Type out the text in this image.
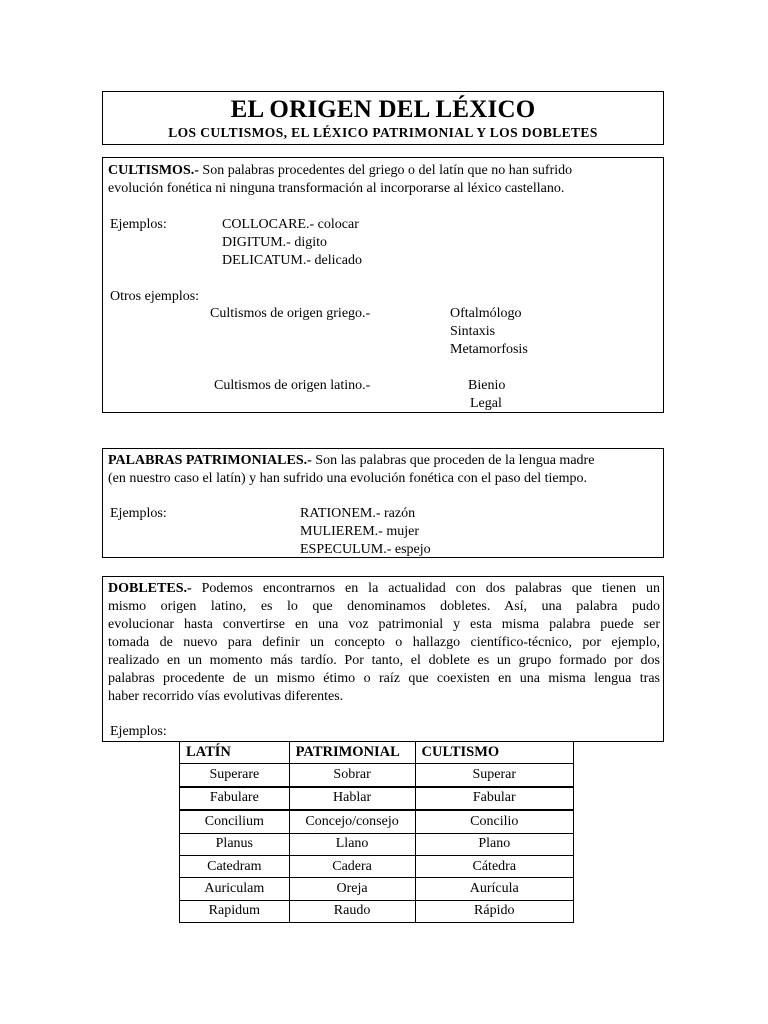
EL ORIGEN DEL LÉXICO
LOS CULTISMOS, EL LÉXICO PATRIMONIAL Y LOS DOBLETES
CULTISMOS.- Son palabras procedentes del griego o del latín que no han sufrido
evolución fonética ni ninguna transformación al incorporarse al léxico castellano.
Ejemplos:	COLLOCARE.- colocar
DIGITUM.- digito
DELICATUM.- delicado
Otros ejemplos:
Cultismos de origen griego.-	Oftalmólogo
Sintaxis
Metamorfosis
Cultismos de origen latino.-	Bienio
Legal
PALABRAS PATRIMONIALES.- Son las palabras que proceden de la lengua madre
(en nuestro caso el latín) y han sufrido una evolución fonética con el paso del tiempo.
Ejemplos:	RATIONEM.- razón
MULIEREM.- mujer
ESPECULUM.- espejo
DOBLETES.- Podemos encontrarnos en la actualidad con dos palabras que tienen un
mismo origen latino, es lo que denominamos dobletes. Así, una palabra pudo
evolucionar hasta convertirse en una voz patrimonial y esta misma palabra puede ser
tomada de nuevo para definir un concepto o hallazgo científico-técnico, por ejemplo,
realizado en un momento más tardío. Por tanto, el doblete es un grupo formado por dos
palabras procedente de un mismo étimo o raíz que coexisten en una misma lengua tras
haber recorrido vías evolutivas diferentes.
Ejemplos:
LATÍN	PATRIMONIAL	CULTISMO
Superare	Sobrar	Superar
Fabulare	Hablar	Fabular
Concilium	Concejo/consejo	Concilio
Planus	Llano	Plano
Catedram	Cadera	Cátedra
Auriculam	Oreja	Aurícula
Rapidum	Raudo	Rápido
